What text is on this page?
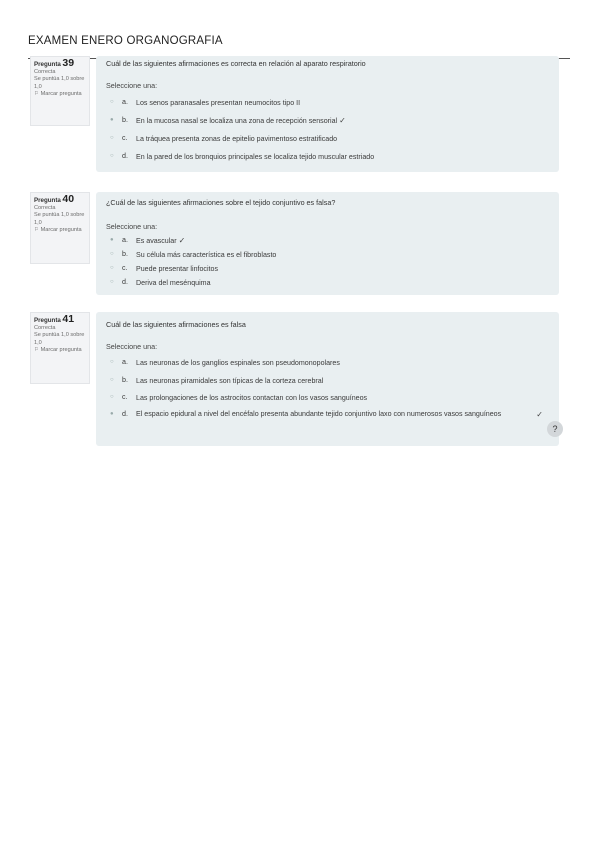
EXAMEN ENERO ORGANOGRAFIA
Pregunta 39
Correcta
Se puntúa 1,0 sobre 1,0
⚐ Marcar pregunta
Cuál de las siguientes afirmaciones es correcta en relación al aparato respiratorio
Seleccione una:
○ a. Los senos paranasales presentan neumocitos tipo II
● b. En la mucosa nasal se localiza una zona de recepción sensorial ✓
○ c. La tráquea presenta zonas de epitelio pavimentoso estratificado
○ d. En la pared de los bronquios principales se localiza tejido muscular estriado
Pregunta 40
Correcta
Se puntúa 1,0 sobre 1,0
⚐ Marcar pregunta
¿Cuál de las siguientes afirmaciones sobre el tejido conjuntivo es falsa?
Seleccione una:
● a. Es avascular ✓
○ b. Su célula más característica es el fibroblasto
○ c. Puede presentar linfocitos
○ d. Deriva del mesénquima
Pregunta 41
Correcta
Se puntúa 1,0 sobre 1,0
⚐ Marcar pregunta
Cuál de las siguientes afirmaciones es falsa
Seleccione una:
○ a. Las neuronas de los ganglios espinales son pseudomonopolares
○ b. Las neuronas piramidales son típicas de la corteza cerebral
○ c. Las prolongaciones de los astrocitos contactan con los vasos sanguíneos
● d. El espacio epidural a nivel del encéfalo presenta abundante tejido conjuntivo laxo con numerosos vasos sanguíneos	✓
?
